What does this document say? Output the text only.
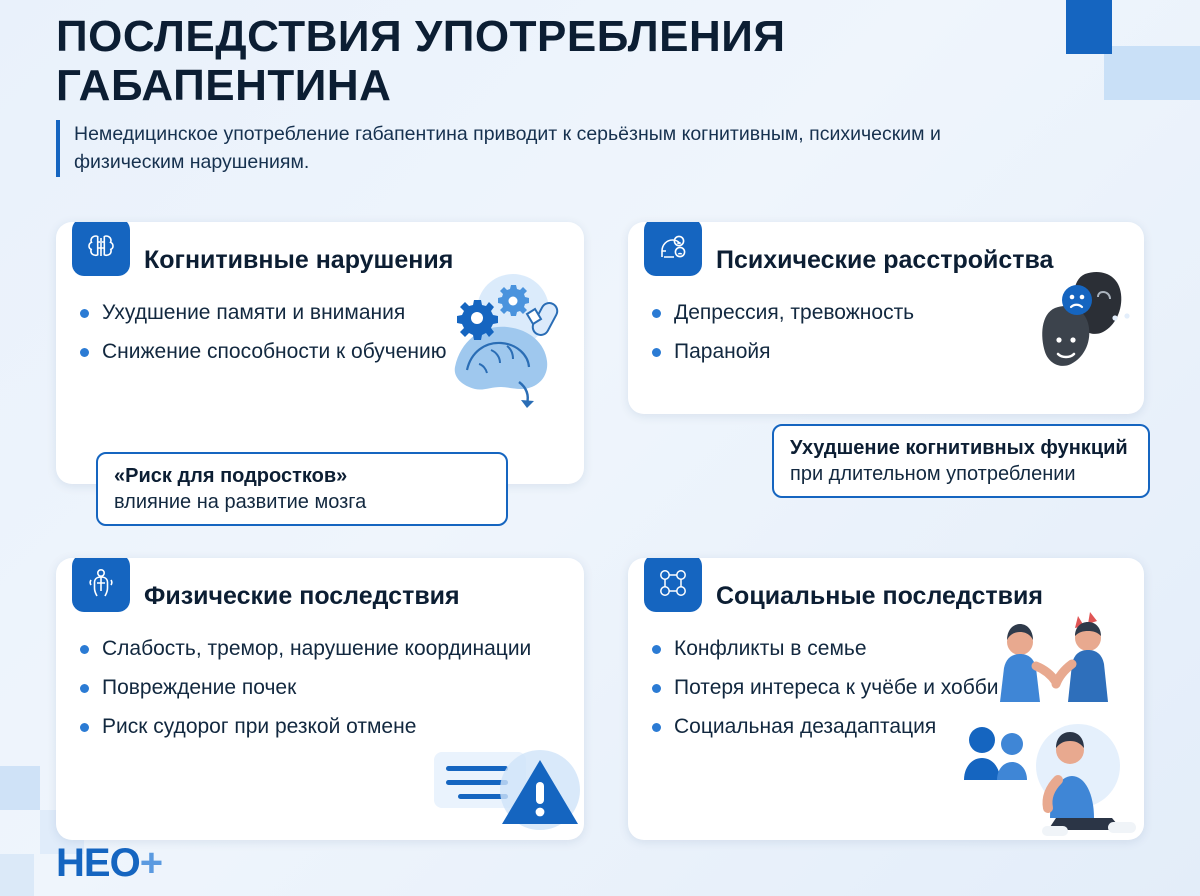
ПОСЛЕДСТВИЯ УПОТРЕБЛЕНИЯ ГАБАПЕНТИНА

Немедицинское употребление габапентина приводит к серьёзным когнитивным, психическим и физическим нарушениям.

Когнитивные нарушения
Ухудшение памяти и внимания
Снижение способности к обучению
«Риск для подростков»
влияние на развитие мозга
Психические расстройства
Депрессия, тревожность
Паранойя
Ухудшение когнитивных функций при длительном употреблении
Физические последствия
Слабость, тремор, нарушение координации
Повреждение почек
Риск судорог при резкой отмене
Социальные последствия
Конфликты в семье
Потеря интереса к учёбе и хобби
Социальная дезадаптация
НЕО+
